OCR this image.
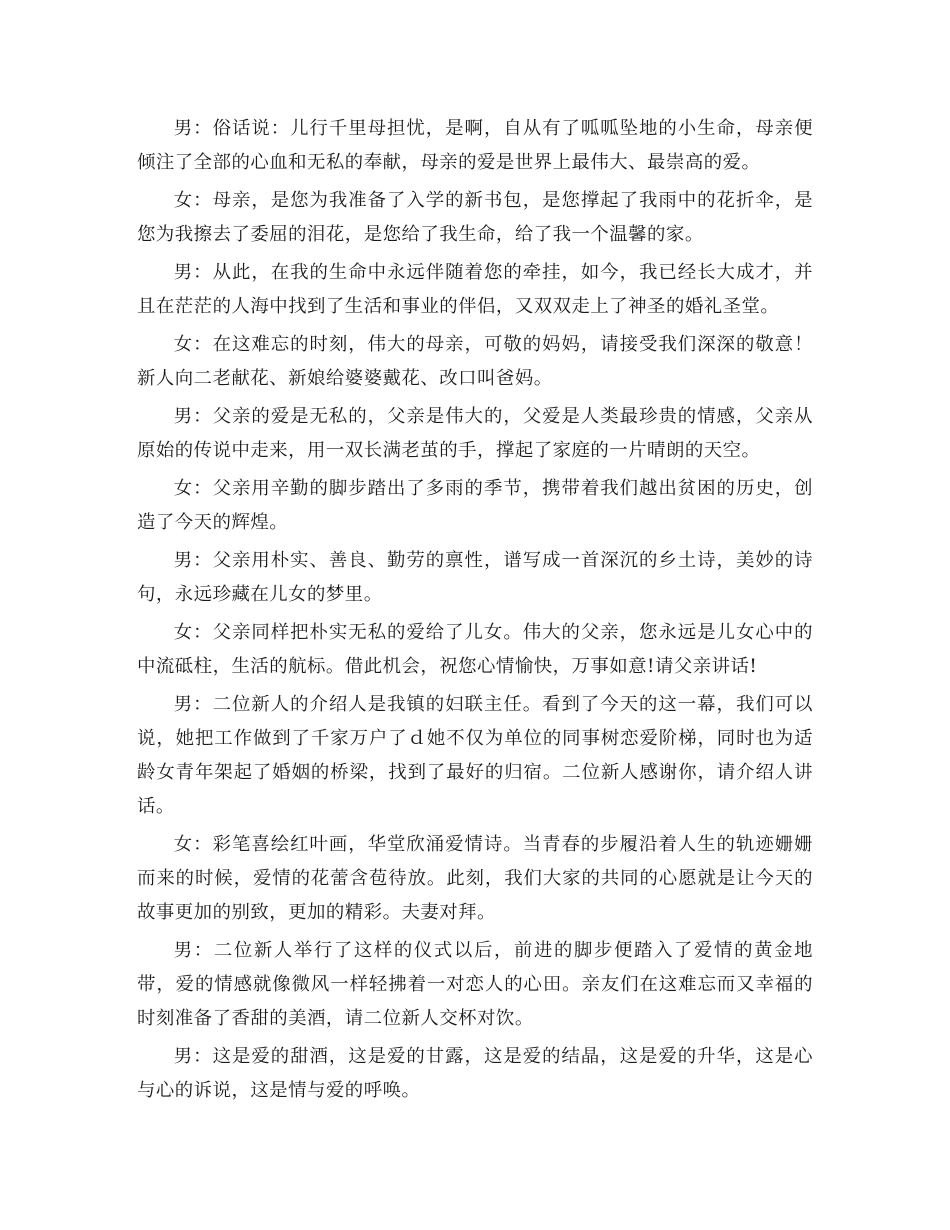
男：俗话说：儿行千里母担忧，是啊，自从有了呱呱坠地的小生命，母亲便倾注了全部的心血和无私的奉献，母亲的爱是世界上最伟大、最崇高的爱。

女：母亲，是您为我准备了入学的新书包，是您撑起了我雨中的花折伞，是您为我擦去了委屈的泪花，是您给了我生命，给了我一个温馨的家。

男：从此，在我的生命中永远伴随着您的牵挂，如今，我已经长大成才，并且在茫茫的人海中找到了生活和事业的伴侣，又双双走上了神圣的婚礼圣堂。

女：在这难忘的时刻，伟大的母亲，可敬的妈妈，请接受我们深深的敬意！新人向二老献花、新娘给婆婆戴花、改口叫爸妈。

男：父亲的爱是无私的，父亲是伟大的，父爱是人类最珍贵的情感，父亲从原始的传说中走来，用一双长满老茧的手，撑起了家庭的一片晴朗的天空。

女：父亲用辛勤的脚步踏出了多雨的季节，携带着我们越出贫困的历史，创造了今天的辉煌。

男：父亲用朴实、善良、勤劳的禀性，谱写成一首深沉的乡土诗，美妙的诗句，永远珍藏在儿女的梦里。

女：父亲同样把朴实无私的爱给了儿女。伟大的父亲，您永远是儿女心中的中流砥柱，生活的航标。借此机会，祝您心情愉快，万事如意!请父亲讲话!

男：二位新人的介绍人是我镇的妇联主任。看到了今天的这一幕，我们可以说，她把工作做到了千家万户了ｄ她不仅为单位的同事树恋爱阶梯，同时也为适龄女青年架起了婚姻的桥梁，找到了最好的归宿。二位新人感谢你，请介绍人讲话。

女：彩笔喜绘红叶画，华堂欣涌爱情诗。当青春的步履沿着人生的轨迹姗姗而来的时候，爱情的花蕾含苞待放。此刻，我们大家的共同的心愿就是让今天的故事更加的别致，更加的精彩。夫妻对拜。

男：二位新人举行了这样的仪式以后，前进的脚步便踏入了爱情的黄金地 带，爱的情感就像微风一样轻拂着一对恋人的心田。亲友们在这难忘而又幸福的 时刻准备了香甜的美酒，请二位新人交杯对饮。

男：这是爱的甜酒，这是爱的甘露，这是爱的结晶，这是爱的升华，这是心与心的诉说，这是情与爱的呼唤。
